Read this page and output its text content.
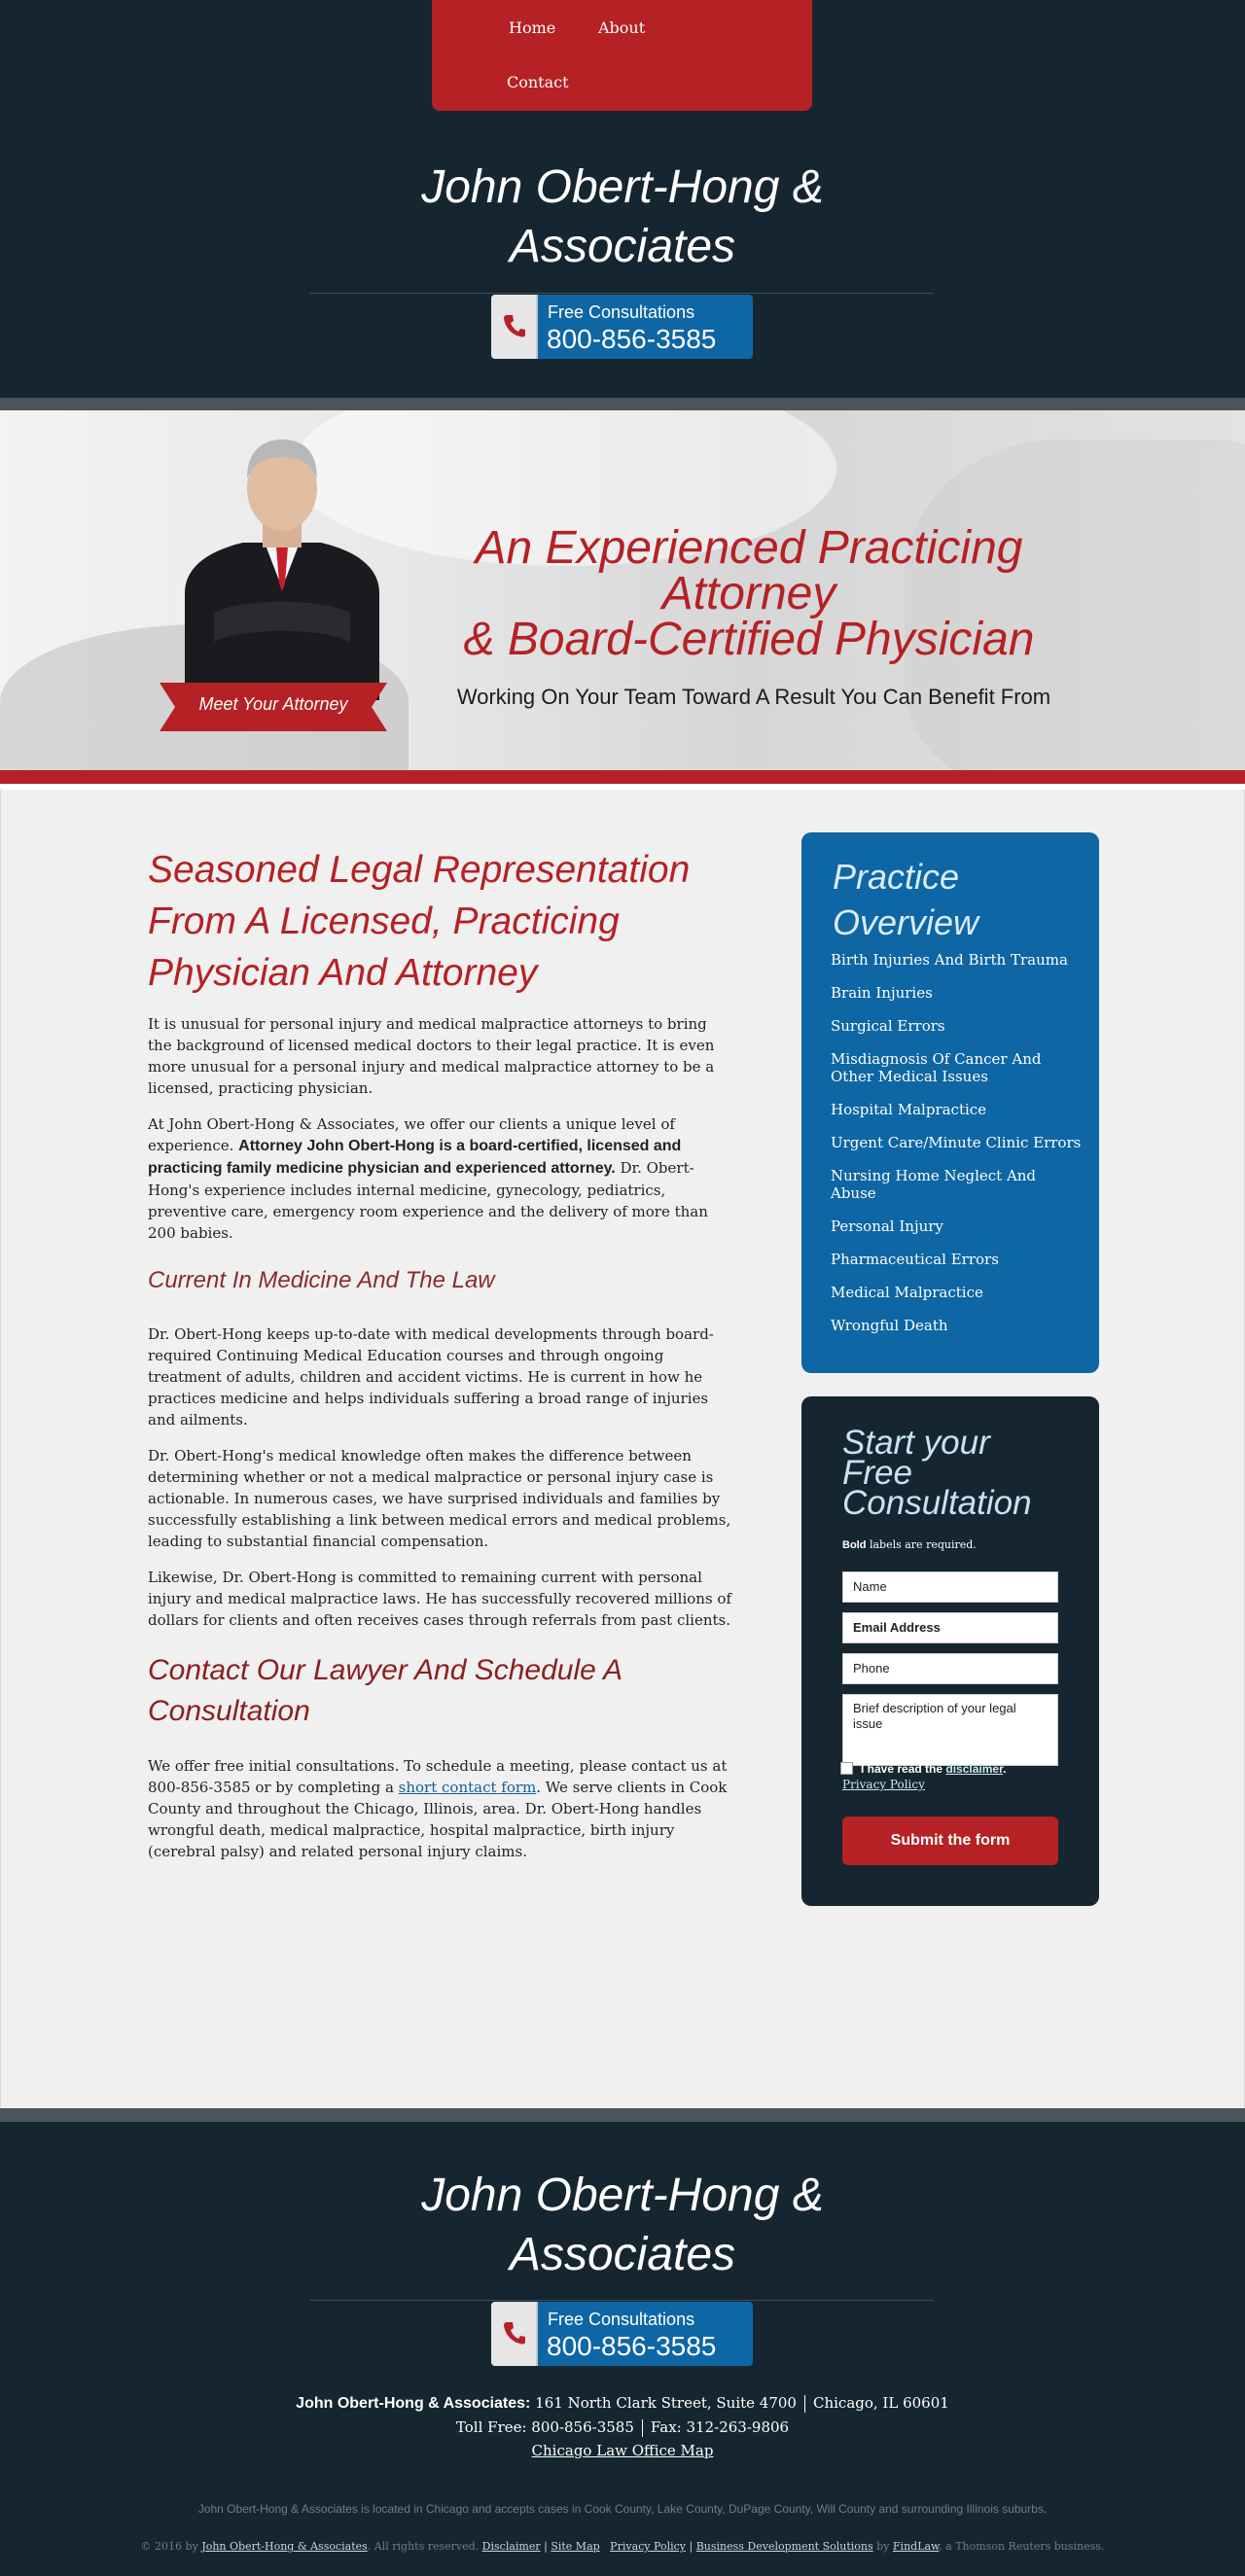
Home	About
Contact
John Obert-Hong &
Associates
Free Consultations
800-856-3585
Meet Your Attorney
An Experienced Practicing
Attorney
& Board-Certified Physician
Working On Your Team Toward A Result You Can Benefit From
Seasoned Legal Representation
From A Licensed, Practicing
Physician And Attorney

It is unusual for personal injury and medical malpractice attorneys to bring the background of licensed medical doctors to their legal practice. It is even more unusual for a personal injury and medical malpractice attorney to be a licensed, practicing physician.

At John Obert-Hong & Associates, we offer our clients a unique level of experience. Attorney John Obert-Hong is a board-certified, licensed and practicing family medicine physician and experienced attorney. Dr. Obert-Hong's experience includes internal medicine, gynecology, pediatrics, preventive care, emergency room experience and the delivery of more than 200 babies.

Current In Medicine And The Law

Dr. Obert-Hong keeps up-to-date with medical developments through board-required Continuing Medical Education courses and through ongoing treatment of adults, children and accident victims. He is current in how he practices medicine and helps individuals suffering a broad range of injuries and ailments.

Dr. Obert-Hong's medical knowledge often makes the difference between determining whether or not a medical malpractice or personal injury case is actionable. In numerous cases, we have surprised individuals and families by successfully establishing a link between medical errors and medical problems, leading to substantial financial compensation.

Likewise, Dr. Obert-Hong is committed to remaining current with personal injury and medical malpractice laws. He has successfully recovered millions of dollars for clients and often receives cases through referrals from past clients.

Contact Our Lawyer And Schedule A
Consultation

We offer free initial consultations. To schedule a meeting, please contact us at 800-856-3585 or by completing a short contact form. We serve clients in Cook County and throughout the Chicago, Illinois, area. Dr. Obert-Hong handles wrongful death, medical malpractice, hospital malpractice, birth injury (cerebral palsy) and related personal injury claims.

Practice
Overview
Birth Injuries And Birth Trauma
Brain Injuries
Surgical Errors
Misdiagnosis Of Cancer And Other Medical Issues
Hospital Malpractice
Urgent Care/Minute Clinic Errors
Nursing Home Neglect And Abuse
Personal Injury
Pharmaceutical Errors
Medical Malpractice
Wrongful Death
Start your
Free
Consultation
Bold labels are required.
Name
Email Address
Phone
Brief description of your legal issue
I have read the disclaimer.
Privacy Policy
Submit the form
John Obert-Hong &
Associates
Free Consultations
800-856-3585
John Obert-Hong & Associates: 161 North Clark Street, Suite 4700 Chicago, IL 60601
Toll Free: 800-856-3585 Fax: 312-263-9806
Chicago Law Office Map
John Obert-Hong & Associates is located in Chicago and accepts cases in Cook County, Lake County, DuPage County, Will County and surrounding Illinois suburbs.
© 2016 by John Obert-Hong & Associates. All rights reserved. Disclaimer | Site Map Privacy Policy | Business Development Solutions by FindLaw, a Thomson Reuters business.
